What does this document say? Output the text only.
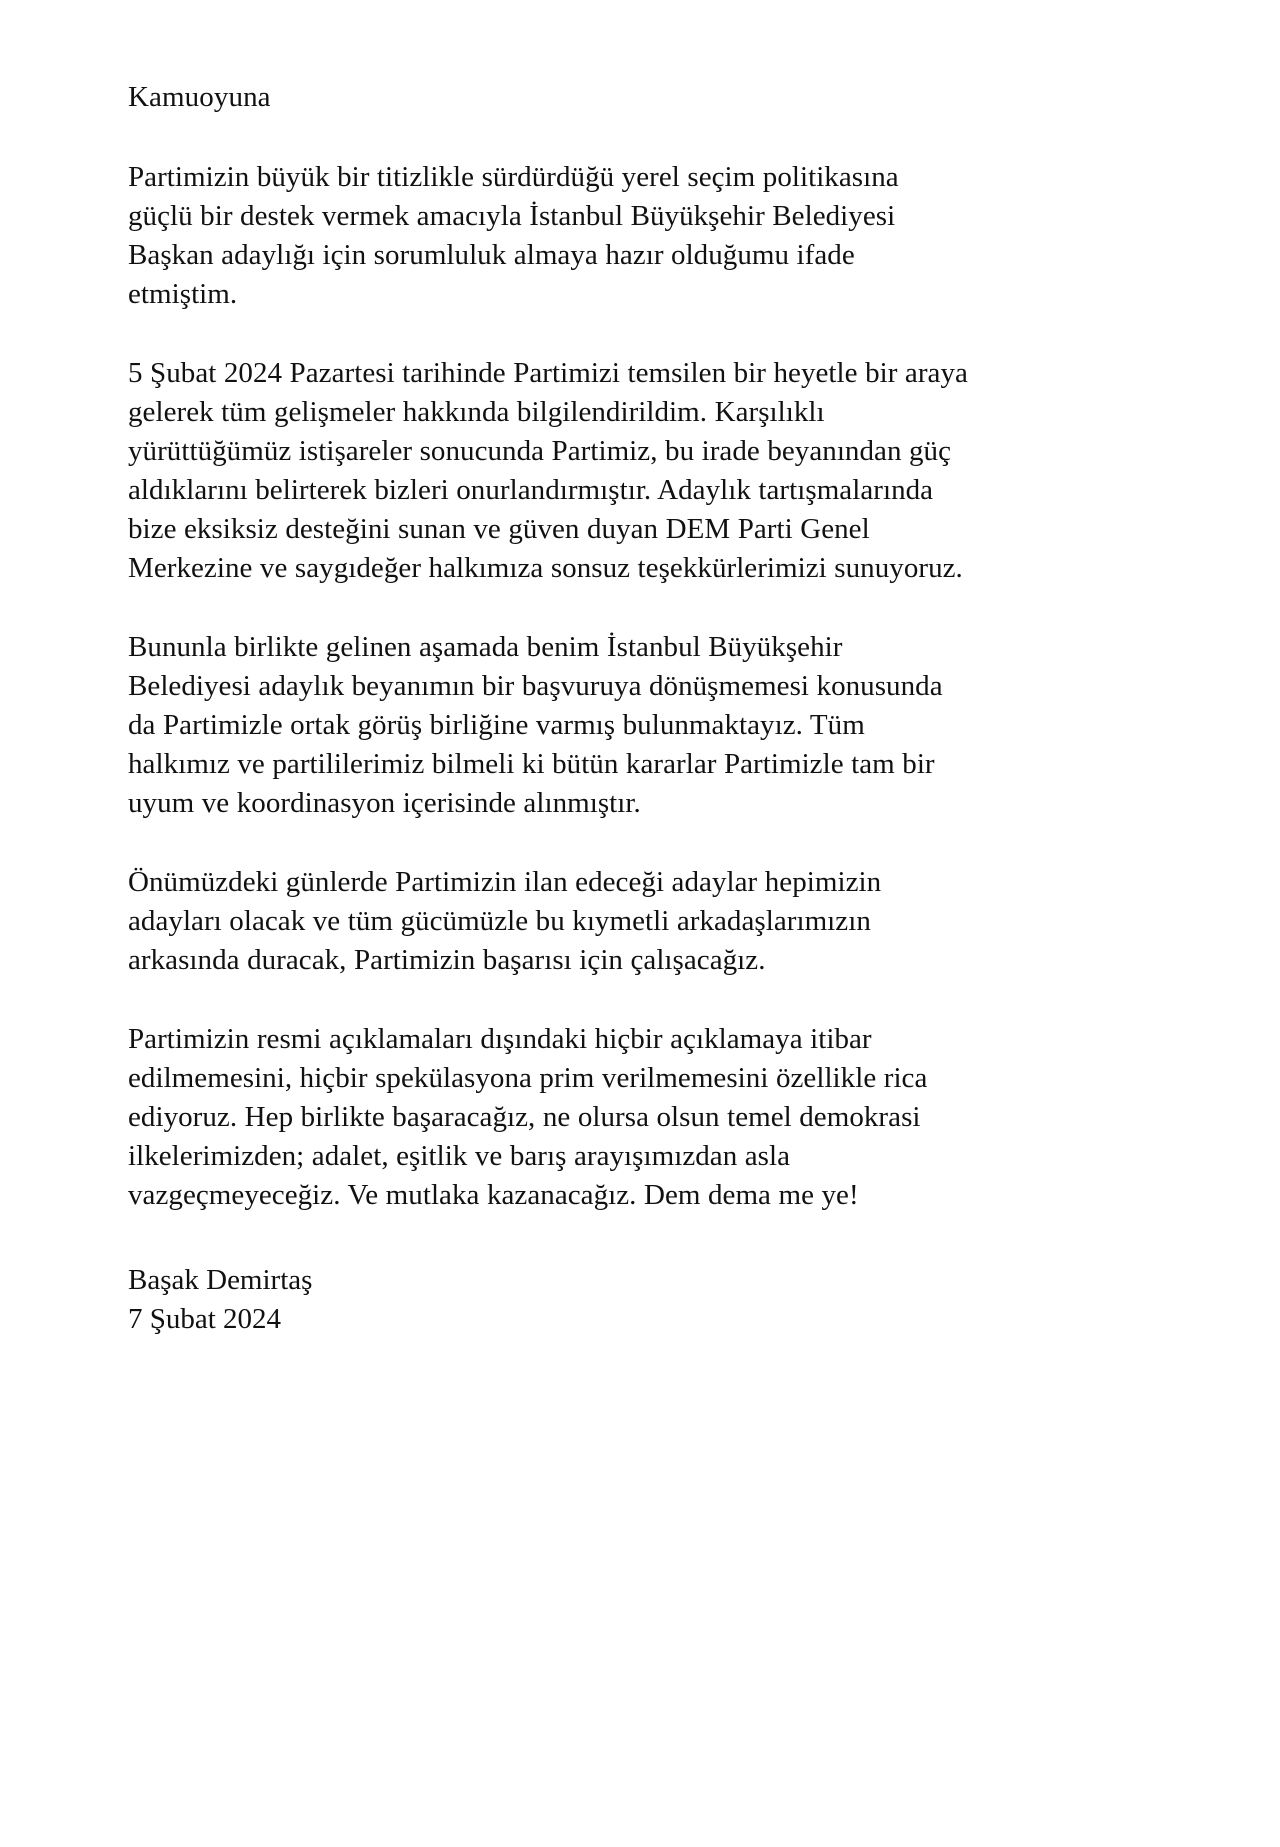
Kamuoyuna

Partimizin büyük bir titizlikle sürdürdüğü yerel seçim politikasına güçlü bir destek vermek amacıyla İstanbul Büyükşehir Belediyesi Başkan adaylığı için sorumluluk almaya hazır olduğumu ifade etmiştim.

5 Şubat 2024 Pazartesi tarihinde Partimizi temsilen bir heyetle bir araya gelerek tüm gelişmeler hakkında bilgilendirildim. Karşılıklı yürüttüğümüz istişareler sonucunda Partimiz, bu irade beyanından güç aldıklarını belirterek bizleri onurlandırmıştır. Adaylık tartışmalarında bize eksiksiz desteğini sunan ve güven duyan DEM Parti Genel Merkezine ve saygıdeğer halkımıza sonsuz teşekkürlerimizi sunuyoruz.

Bununla birlikte gelinen aşamada benim İstanbul Büyükşehir Belediyesi adaylık beyanımın bir başvuruya dönüşmemesi konusunda da Partimizle ortak görüş birliğine varmış bulunmaktayız. Tüm halkımız ve partililerimiz bilmeli ki bütün kararlar Partimizle tam bir uyum ve koordinasyon içerisinde alınmıştır.

Önümüzdeki günlerde Partimizin ilan edeceği adaylar hepimizin adayları olacak ve tüm gücümüzle bu kıymetli arkadaşlarımızın arkasında duracak, Partimizin başarısı için çalışacağız.

Partimizin resmi açıklamaları dışındaki hiçbir açıklamaya itibar edilmemesini, hiçbir spekülasyona prim verilmemesini özellikle rica ediyoruz. Hep birlikte başaracağız, ne olursa olsun temel demokrasi ilkelerimizden; adalet, eşitlik ve barış arayışımızdan asla vazgeçmeyeceğiz. Ve mutlaka kazanacağız. Dem dema me ye!

Başak Demirtaş

7 Şubat 2024
